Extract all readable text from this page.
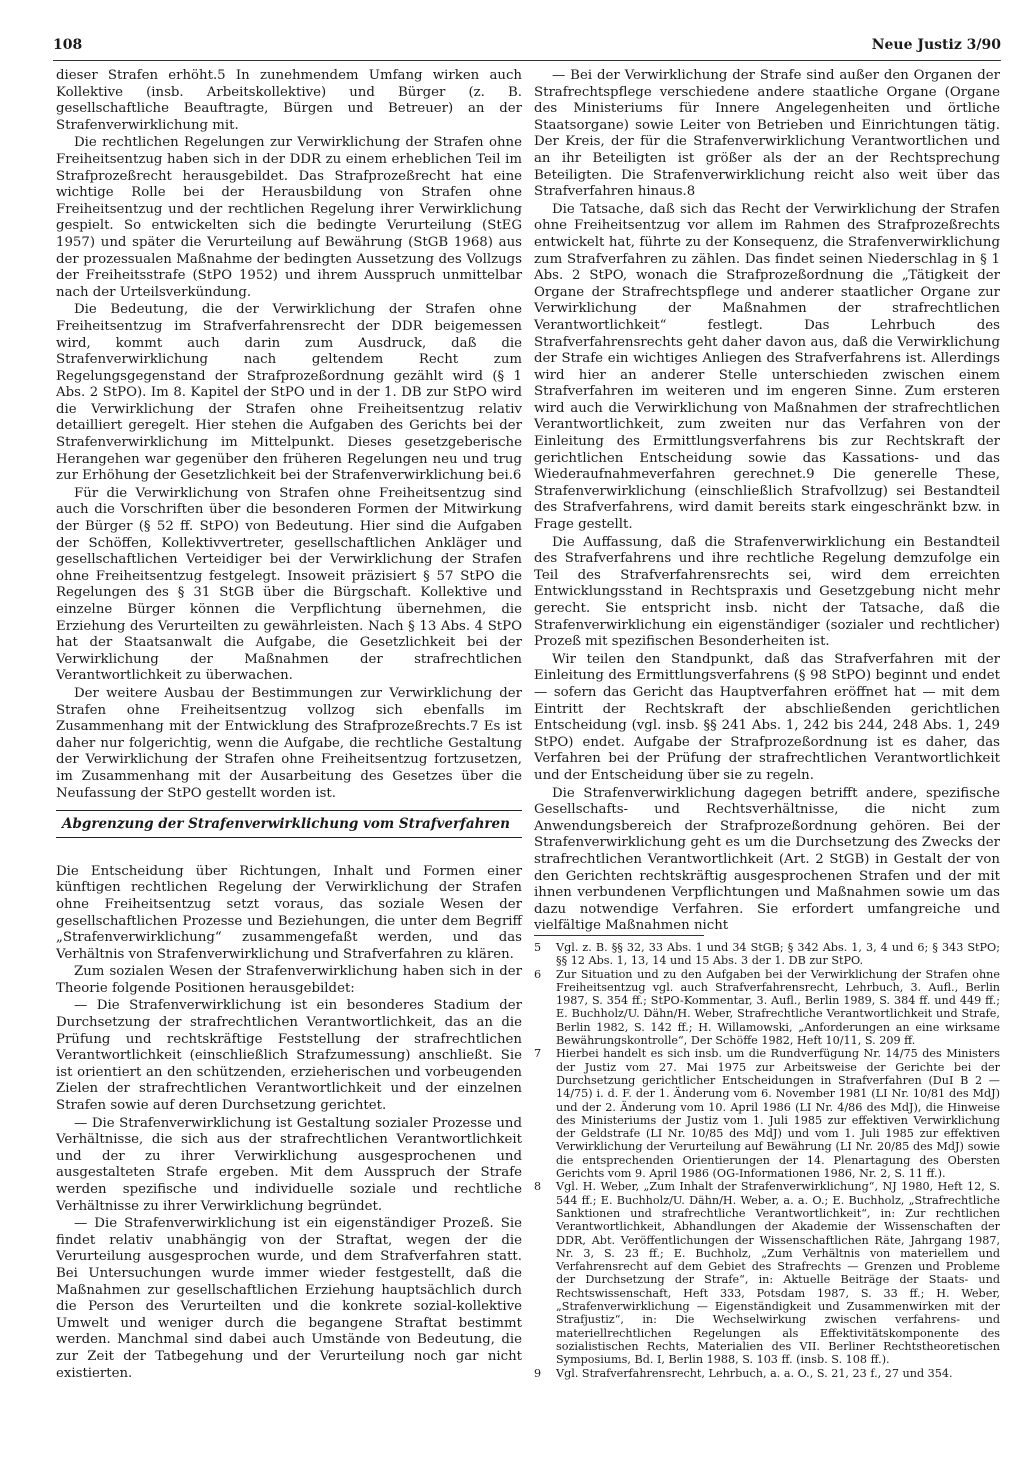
108	Neue Justiz 3/90

dieser Strafen erhöht.5 In zunehmendem Umfang wirken auch Kollektive (insb. Arbeitskollektive) und Bürger (z. B. gesellschaftliche Beauftragte, Bürgen und Betreuer) an der Strafenverwirklichung mit.

Die rechtlichen Regelungen zur Verwirklichung der Strafen ohne Freiheitsentzug haben sich in der DDR zu einem erheblichen Teil im Strafprozeßrecht herausgebildet. Das Strafprozeßrecht hat eine wichtige Rolle bei der Herausbildung von Strafen ohne Freiheitsentzug und der rechtlichen Regelung ihrer Verwirklichung gespielt. So entwickelten sich die bedingte Verurteilung (StEG 1957) und später die Verurteilung auf Bewährung (StGB 1968) aus der prozessualen Maßnahme der bedingten Aussetzung des Vollzugs der Freiheitsstrafe (StPO 1952) und ihrem Ausspruch unmittelbar nach der Urteilsverkündung.

Die Bedeutung, die der Verwirklichung der Strafen ohne Freiheitsentzug im Strafverfahrensrecht der DDR beigemessen wird, kommt auch darin zum Ausdruck, daß die Strafenverwirklichung nach geltendem Recht zum Regelungsgegenstand der Strafprozeßordnung gezählt wird (§ 1 Abs. 2 StPO). Im 8. Kapitel der StPO und in der 1. DB zur StPO wird die Verwirklichung der Strafen ohne Freiheitsentzug relativ detailliert geregelt. Hier stehen die Aufgaben des Gerichts bei der Strafenverwirklichung im Mittelpunkt. Dieses gesetzgeberische Herangehen war gegenüber den früheren Regelungen neu und trug zur Erhöhung der Gesetzlichkeit bei der Strafenverwirklichung bei.6

Für die Verwirklichung von Strafen ohne Freiheitsentzug sind auch die Vorschriften über die besonderen Formen der Mitwirkung der Bürger (§ 52 ff. StPO) von Bedeutung. Hier sind die Aufgaben der Schöffen, Kollektivvertreter, gesellschaftlichen Ankläger und gesellschaftlichen Verteidiger bei der Verwirklichung der Strafen ohne Freiheitsentzug festgelegt. Insoweit präzisiert § 57 StPO die Regelungen des § 31 StGB über die Bürgschaft. Kollektive und einzelne Bürger können die Verpflichtung übernehmen, die Erziehung des Verurteilten zu gewährleisten. Nach § 13 Abs. 4 StPO hat der Staatsanwalt die Aufgabe, die Gesetzlichkeit bei der Verwirklichung der Maßnahmen der strafrechtlichen Verantwortlichkeit zu überwachen.

Der weitere Ausbau der Bestimmungen zur Verwirklichung der Strafen ohne Freiheitsentzug vollzog sich ebenfalls im Zusammenhang mit der Entwicklung des Strafprozeßrechts.7 Es ist daher nur folgerichtig, wenn die Aufgabe, die rechtliche Gestaltung der Verwirklichung der Strafen ohne Freiheitsentzug fortzusetzen, im Zusammenhang mit der Ausarbeitung des Gesetzes über die Neufassung der StPO gestellt worden ist.

Abgrenzung der Strafenverwirklichung vom Strafverfahren

Die Entscheidung über Richtungen, Inhalt und Formen einer künftigen rechtlichen Regelung der Verwirklichung der Strafen ohne Freiheitsentzug setzt voraus, das soziale Wesen der gesellschaftlichen Prozesse und Beziehungen, die unter dem Begriff „Strafenverwirklichung“ zusammengefaßt werden, und das Verhältnis von Strafenverwirklichung und Strafverfahren zu klären.

Zum sozialen Wesen der Strafenverwirklichung haben sich in der Theorie folgende Positionen herausgebildet:

— Die Strafenverwirklichung ist ein besonderes Stadium der Durchsetzung der strafrechtlichen Verantwortlichkeit, das an die Prüfung und rechtskräftige Feststellung der strafrechtlichen Verantwortlichkeit (einschließlich Strafzumessung) anschließt. Sie ist orientiert an den schützenden, erzieherischen und vorbeugenden Zielen der strafrechtlichen Verantwortlichkeit und der einzelnen Strafen sowie auf deren Durchsetzung gerichtet.

— Die Strafenverwirklichung ist Gestaltung sozialer Prozesse und Verhältnisse, die sich aus der strafrechtlichen Verantwortlichkeit und der zu ihrer Verwirklichung ausgesprochenen und ausgestalteten Strafe ergeben. Mit dem Ausspruch der Strafe werden spezifische und individuelle soziale und rechtliche Verhältnisse zu ihrer Verwirklichung begründet.

— Die Strafenverwirklichung ist ein eigenständiger Prozeß. Sie findet relativ unabhängig von der Straftat, wegen der die Verurteilung ausgesprochen wurde, und dem Strafverfahren statt. Bei Untersuchungen wurde immer wieder festgestellt, daß die Maßnahmen zur gesellschaftlichen Erziehung hauptsächlich durch die Person des Verurteilten und die konkrete sozial-kollektive Umwelt und weniger durch die begangene Straftat bestimmt werden. Manchmal sind dabei auch Umstände von Bedeutung, die zur Zeit der Tatbegehung und der Verurteilung noch gar nicht existierten.

— Bei der Verwirklichung der Strafe sind außer den Organen der Strafrechtspflege verschiedene andere staatliche Organe (Organe des Ministeriums für Innere Angelegenheiten und örtliche Staatsorgane) sowie Leiter von Betrieben und Einrichtungen tätig. Der Kreis, der für die Strafenverwirklichung Verantwortlichen und an ihr Beteiligten ist größer als der an der Rechtsprechung Beteiligten. Die Strafenverwirklichung reicht also weit über das Strafverfahren hinaus.8

Die Tatsache, daß sich das Recht der Verwirklichung der Strafen ohne Freiheitsentzug vor allem im Rahmen des Strafprozeßrechts entwickelt hat, führte zu der Konsequenz, die Strafenverwirklichung zum Strafverfahren zu zählen. Das findet seinen Niederschlag in § 1 Abs. 2 StPO, wonach die Strafprozeßordnung die „Tätigkeit der Organe der Strafrechtspflege und anderer staatlicher Organe zur Verwirklichung der Maßnahmen der strafrechtlichen Verantwortlichkeit“ festlegt. Das Lehrbuch des Strafverfahrensrechts geht daher davon aus, daß die Verwirklichung der Strafe ein wichtiges Anliegen des Strafverfahrens ist. Allerdings wird hier an anderer Stelle unterschieden zwischen einem Strafverfahren im weiteren und im engeren Sinne. Zum ersteren wird auch die Verwirklichung von Maßnahmen der strafrechtlichen Verantwortlichkeit, zum zweiten nur das Verfahren von der Einleitung des Ermittlungsverfahrens bis zur Rechtskraft der gerichtlichen Entscheidung sowie das Kassations- und das Wiederaufnahmeverfahren gerechnet.9 Die generelle These, Strafenverwirklichung (einschließlich Strafvollzug) sei Bestandteil des Strafverfahrens, wird damit bereits stark eingeschränkt bzw. in Frage gestellt.

Die Auffassung, daß die Strafenverwirklichung ein Bestandteil des Strafverfahrens und ihre rechtliche Regelung demzufolge ein Teil des Strafverfahrensrechts sei, wird dem erreichten Entwicklungsstand in Rechtspraxis und Gesetzgebung nicht mehr gerecht. Sie entspricht insb. nicht der Tatsache, daß die Strafenverwirklichung ein eigenständiger (sozialer und rechtlicher) Prozeß mit spezifischen Besonderheiten ist.

Wir teilen den Standpunkt, daß das Strafverfahren mit der Einleitung des Ermittlungsverfahrens (§ 98 StPO) beginnt und endet — sofern das Gericht das Hauptverfahren eröffnet hat — mit dem Eintritt der Rechtskraft der abschließenden gerichtlichen Entscheidung (vgl. insb. §§ 241 Abs. 1, 242 bis 244, 248 Abs. 1, 249 StPO) endet. Aufgabe der Strafprozeßordnung ist es daher, das Verfahren bei der Prüfung der strafrechtlichen Verantwortlichkeit und der Entscheidung über sie zu regeln.

Die Strafenverwirklichung dagegen betrifft andere, spezifische Gesellschafts- und Rechtsverhältnisse, die nicht zum Anwendungsbereich der Strafprozeßordnung gehören. Bei der Strafenverwirklichung geht es um die Durchsetzung des Zwecks der strafrechtlichen Verantwortlichkeit (Art. 2 StGB) in Gestalt der von den Gerichten rechtskräftig ausgesprochenen Strafen und der mit ihnen verbundenen Verpflichtungen und Maßnahmen sowie um das dazu notwendige Verfahren. Sie erfordert umfangreiche und vielfältige Maßnahmen nicht

5 Vgl. z. B. §§ 32, 33 Abs. 1 und 34 StGB; § 342 Abs. 1, 3, 4 und 6; § 343 StPO; §§ 12 Abs. 1, 13, 14 und 15 Abs. 3 der 1. DB zur StPO.

6 Zur Situation und zu den Aufgaben bei der Verwirklichung der Strafen ohne Freiheitsentzug vgl. auch Strafverfahrensrecht, Lehrbuch, 3. Aufl., Berlin 1987, S. 354 ff.; StPO-Kommentar, 3. Aufl., Berlin 1989, S. 384 ff. und 449 ff.; E. Buchholz/U. Dähn/H. Weber, Strafrechtliche Verantwortlichkeit und Strafe, Berlin 1982, S. 142 ff.; H. Willamowski, „Anforderungen an eine wirksame Bewährungskontrolle“, Der Schöffe 1982, Heft 10/11, S. 209 ff.

7 Hierbei handelt es sich insb. um die Rundverfügung Nr. 14/75 des Ministers der Justiz vom 27. Mai 1975 zur Arbeitsweise der Gerichte bei der Durchsetzung gerichtlicher Entscheidungen in Strafverfahren (DuI B 2 — 14/75) i. d. F. der 1. Änderung vom 6. November 1981 (LI Nr. 10/81 des MdJ) und der 2. Änderung vom 10. April 1986 (LI Nr. 4/86 des MdJ), die Hinweise des Ministeriums der Justiz vom 1. Juli 1985 zur effektiven Verwirklichung der Geldstrafe (LI Nr. 10/85 des MdJ) und vom 1. Juli 1985 zur effektiven Verwirklichung der Verurteilung auf Bewährung (LI Nr. 20/85 des MdJ) sowie die entsprechenden Orientierungen der 14. Plenartagung des Obersten Gerichts vom 9. April 1986 (OG-Informationen 1986, Nr. 2, S. 11 ff.).

8 Vgl. H. Weber, „Zum Inhalt der Strafenverwirklichung“, NJ 1980, Heft 12, S. 544 ff.; E. Buchholz/U. Dähn/H. Weber, a. a. O.; E. Buchholz, „Strafrechtliche Sanktionen und strafrechtliche Verantwortlichkeit“, in: Zur rechtlichen Verantwortlichkeit, Abhandlungen der Akademie der Wissenschaften der DDR, Abt. Veröffentlichungen der Wissenschaftlichen Räte, Jahrgang 1987, Nr. 3, S. 23 ff.; E. Buchholz, „Zum Verhältnis von materiellem und Verfahrensrecht auf dem Gebiet des Strafrechts — Grenzen und Probleme der Durchsetzung der Strafe“, in: Aktuelle Beiträge der Staats- und Rechtswissenschaft, Heft 333, Potsdam 1987, S. 33 ff.; H. Weber, „Strafenverwirklichung — Eigenständigkeit und Zusammenwirken mit der Strafjustiz“, in: Die Wechselwirkung zwischen verfahrens- und materiellrechtlichen Regelungen als Effektivitätskomponente des sozialistischen Rechts, Materialien des VII. Berliner Rechtstheoretischen Symposiums, Bd. I, Berlin 1988, S. 103 ff. (insb. S. 108 ff.).

9 Vgl. Strafverfahrensrecht, Lehrbuch, a. a. O., S. 21, 23 f., 27 und 354.
